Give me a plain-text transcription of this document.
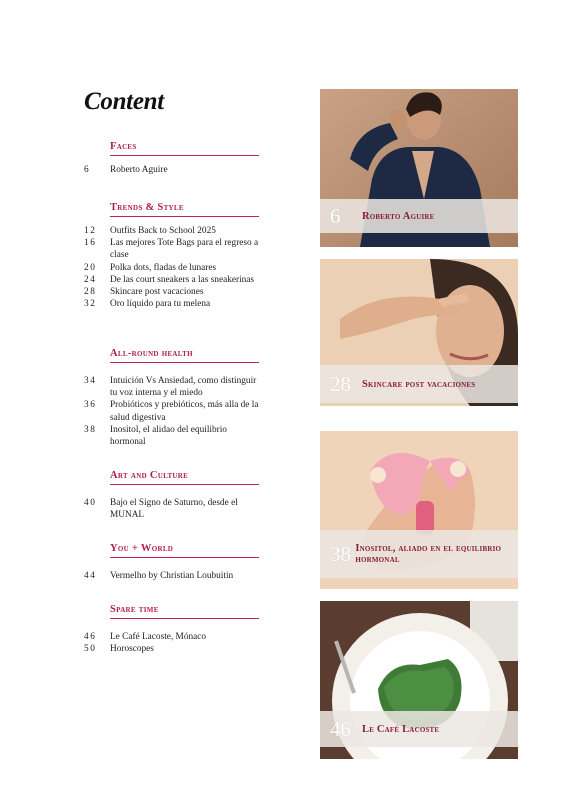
Content
Faces
6	Roberto Aguire
Trends & Style
12	Outfits Back to School 2025
16	Las mejores Tote Bags para el regreso a clase
20	Polka dots, fladas de lunares
24	De las court sneakers a las sneakerinas
28	Skincare post vacaciones
32	Oro líquido para tu melena
All-round health
34	Intuición Vs Ansiedad, como distinguir tu voz interna y el miedo
36	Probióticos y prebióticos, más alla de la salud digestiva
38	Inositol, el alidao del equilibrio hormonal
Art and Culture
40	Bajo el Signo de Saturno, desde el MUNAL
You + World
44	Vermelho by Christian Loubuitin
Spare time
46	Le Café Lacoste, Mónaco
50	Horoscopes
6	Roberto Aguire
28	Skincare post vacaciones
38 Inositol, aliado en el equilibrio hormonal
46	Le Café Lacoste
